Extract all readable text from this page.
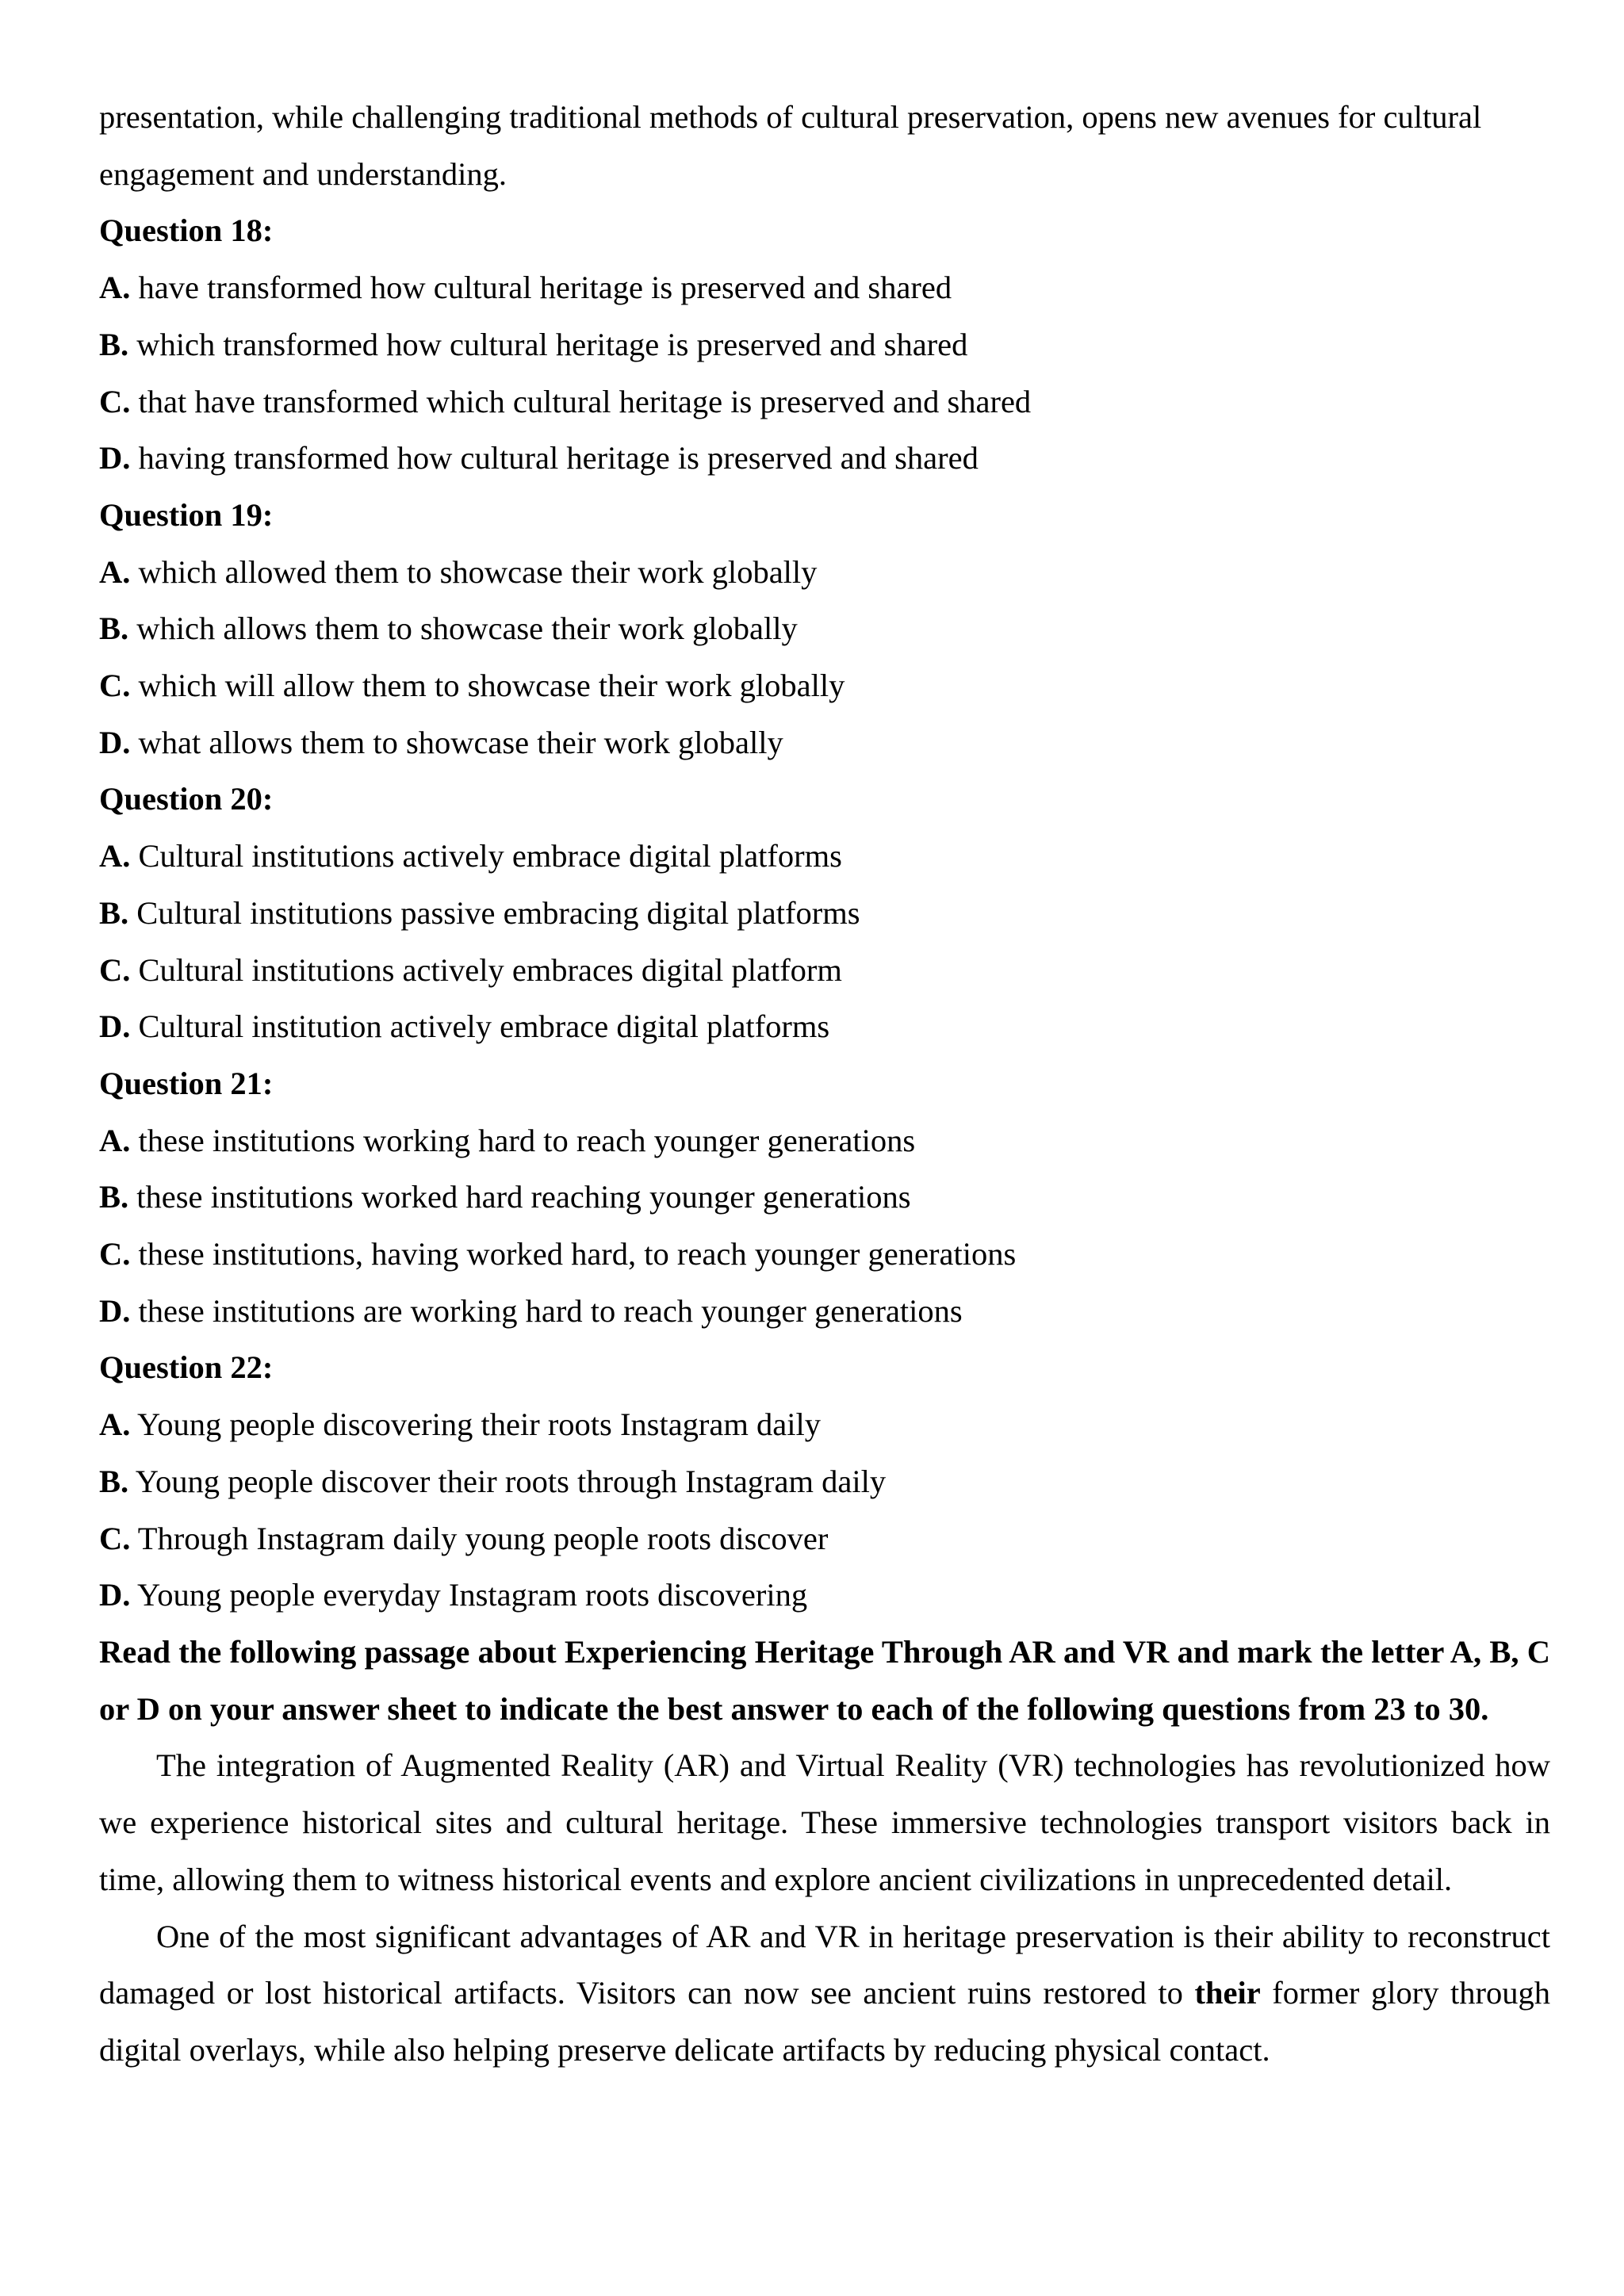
presentation, while challenging traditional methods of cultural preservation, opens new avenues for cultural
engagement and understanding.
Question 18:
A. have transformed how cultural heritage is preserved and shared
B. which transformed how cultural heritage is preserved and shared
C. that have transformed which cultural heritage is preserved and shared
D. having transformed how cultural heritage is preserved and shared
Question 19:
A. which allowed them to showcase their work globally
B. which allows them to showcase their work globally
C. which will allow them to showcase their work globally
D. what allows them to showcase their work globally
Question 20:
A. Cultural institutions actively embrace digital platforms
B. Cultural institutions passive embracing digital platforms
C. Cultural institutions actively embraces digital platform
D. Cultural institution actively embrace digital platforms
Question 21:
A. these institutions working hard to reach younger generations
B. these institutions worked hard reaching younger generations
C. these institutions, having worked hard, to reach younger generations
D. these institutions are working hard to reach younger generations
Question 22:
A. Young people discovering their roots Instagram daily
B. Young people discover their roots through Instagram daily
C. Through Instagram daily young people roots discover
D. Young people everyday Instagram roots discovering

Read the following passage about Experiencing Heritage Through AR and VR and mark the letter A, B, C or D on your answer sheet to indicate the best answer to each of the following questions from 23 to 30.

The integration of Augmented Reality (AR) and Virtual Reality (VR) technologies has revolutionized how we experience historical sites and cultural heritage. These immersive technologies transport visitors back in time, allowing them to witness historical events and explore ancient civilizations in unprecedented detail.

One of the most significant advantages of AR and VR in heritage preservation is their ability to reconstruct damaged or lost historical artifacts. Visitors can now see ancient ruins restored to their former glory through digital overlays, while also helping preserve delicate artifacts by reducing physical contact.
